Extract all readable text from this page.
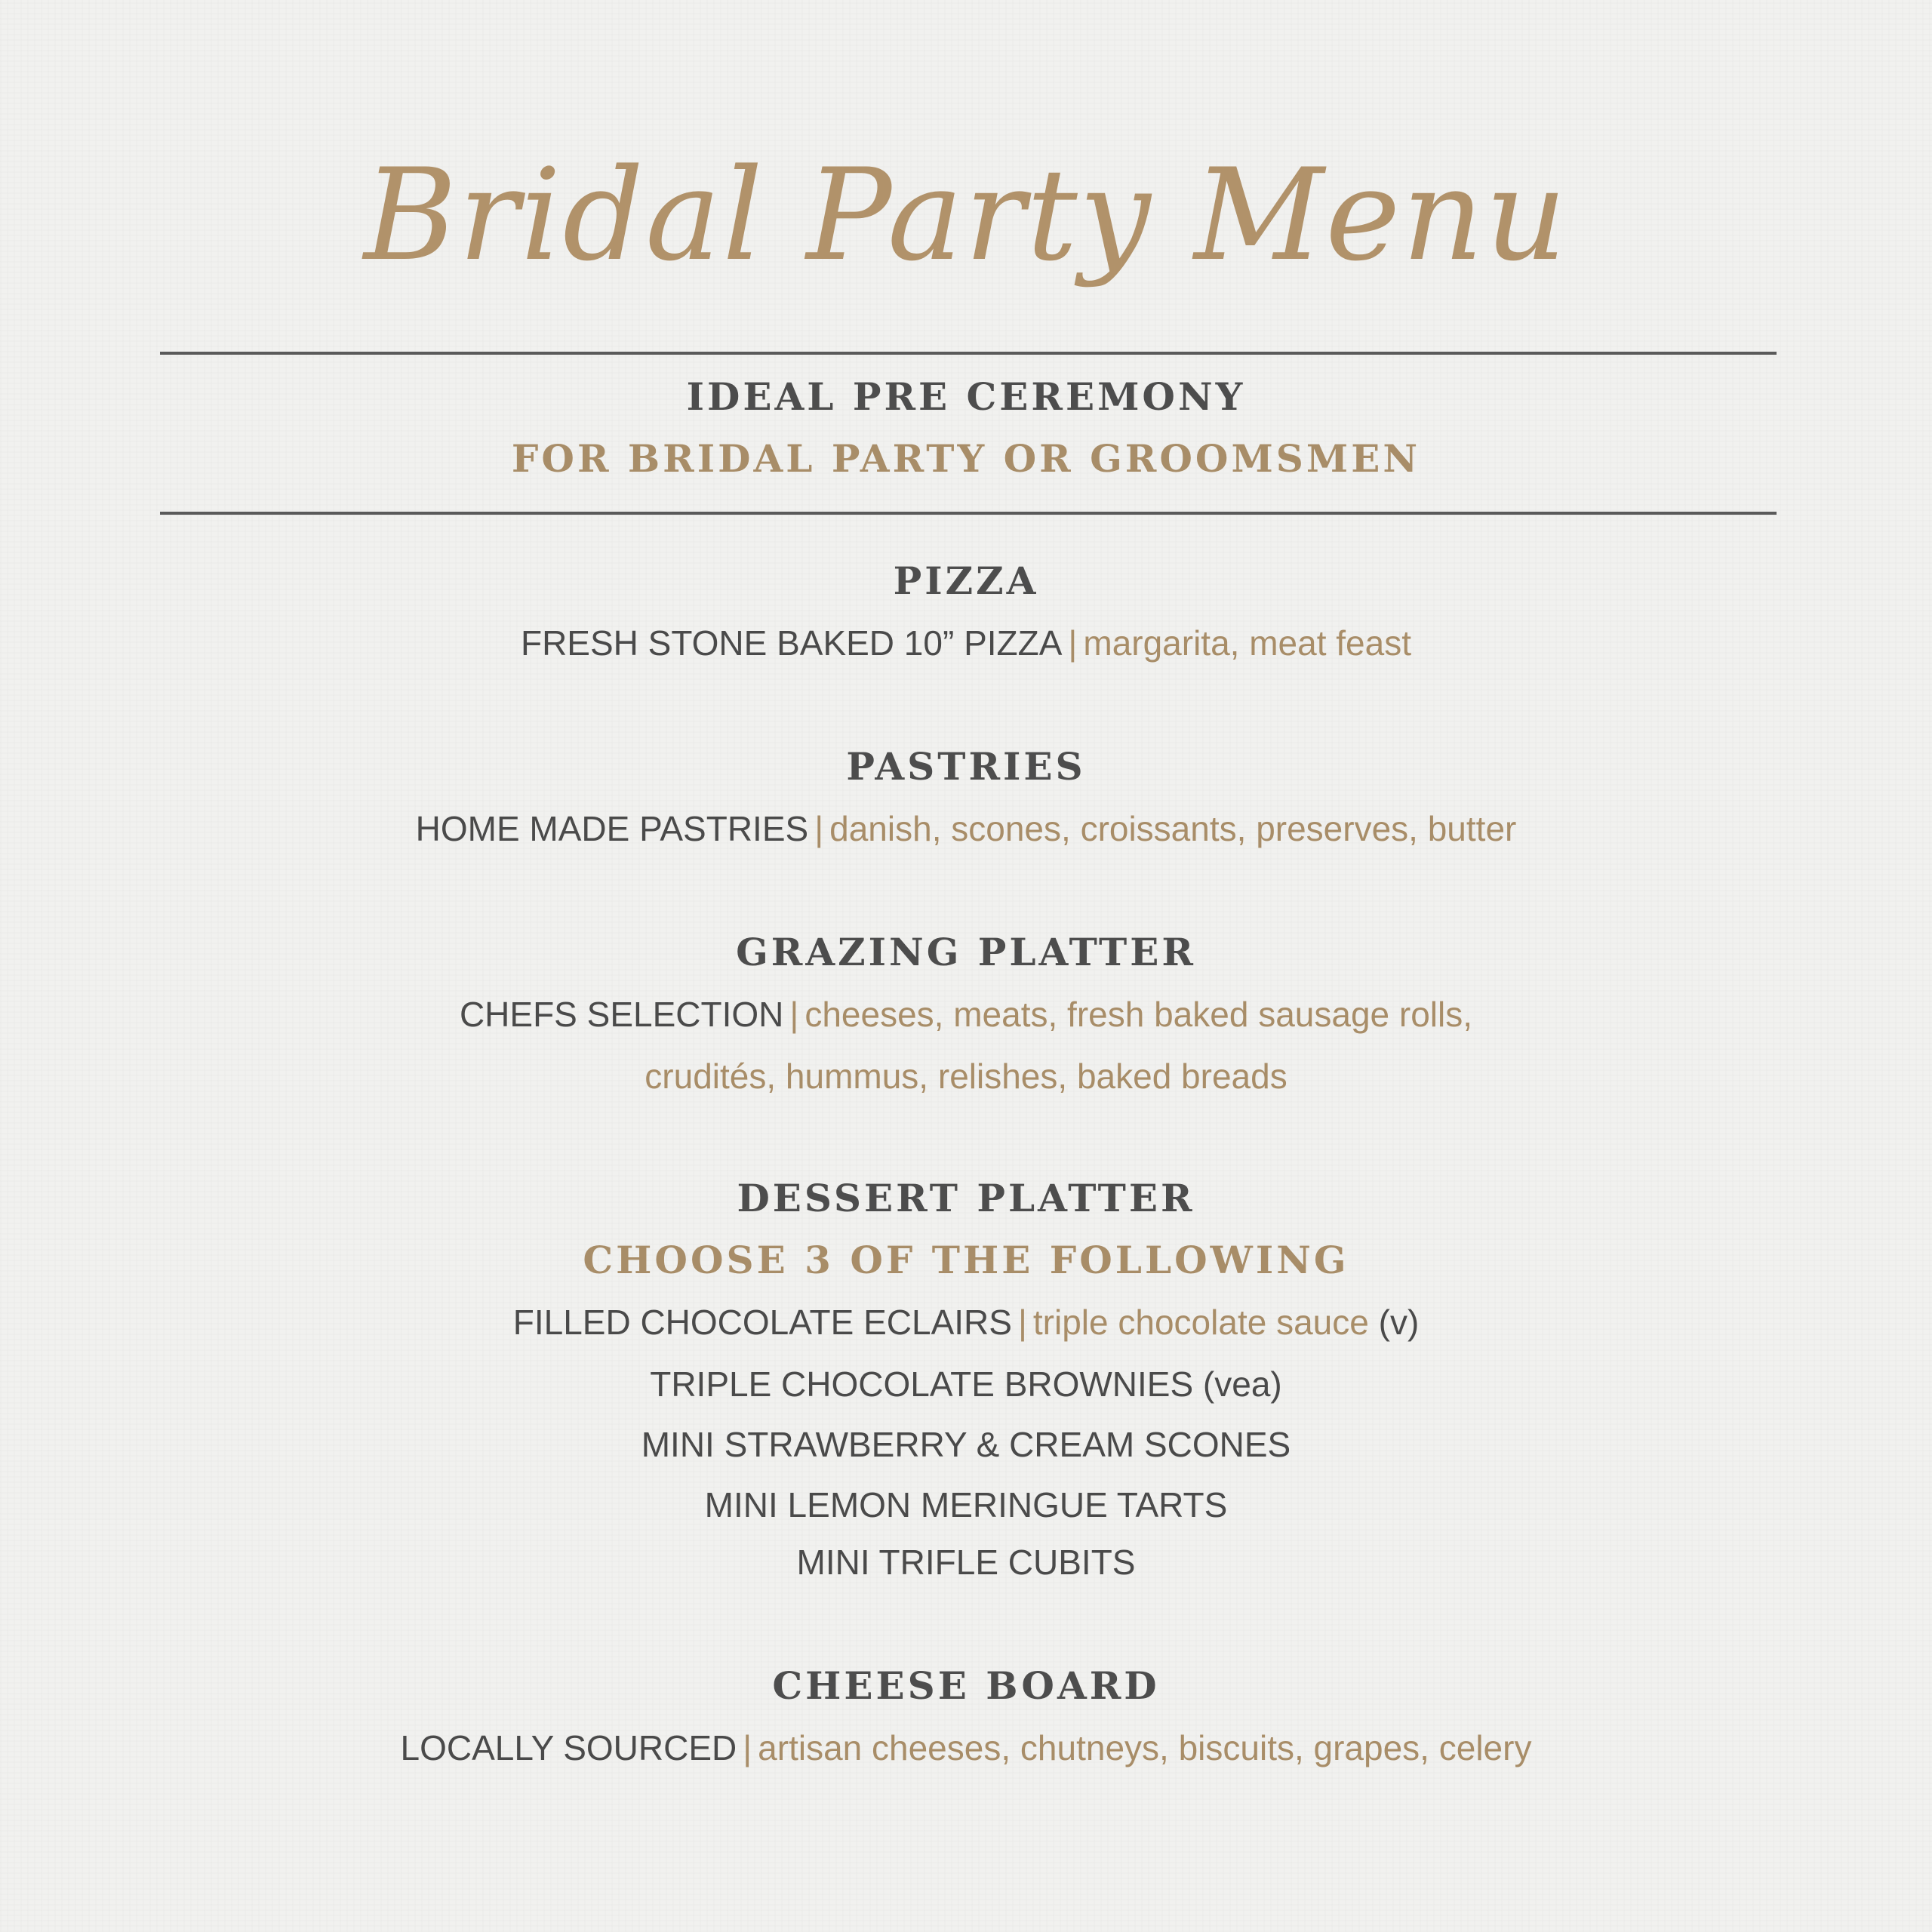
Bridal Party Menu
IDEAL PRE CEREMONY
FOR BRIDAL PARTY OR GROOMSMEN
PIZZA
FRESH STONE BAKED 10” PIZZA | margarita, meat feast
PASTRIES
HOME MADE PASTRIES | danish, scones, croissants, preserves, butter
GRAZING PLATTER
CHEFS SELECTION | cheeses, meats, fresh baked sausage rolls,
crudités, hummus, relishes, baked breads
DESSERT PLATTER
CHOOSE 3 OF THE FOLLOWING
FILLED CHOCOLATE ECLAIRS | triple chocolate sauce (v)
TRIPLE CHOCOLATE BROWNIES (vea)
MINI STRAWBERRY & CREAM SCONES
MINI LEMON MERINGUE TARTS
MINI TRIFLE CUBITS
CHEESE BOARD
LOCALLY SOURCED | artisan cheeses, chutneys, biscuits, grapes, celery
